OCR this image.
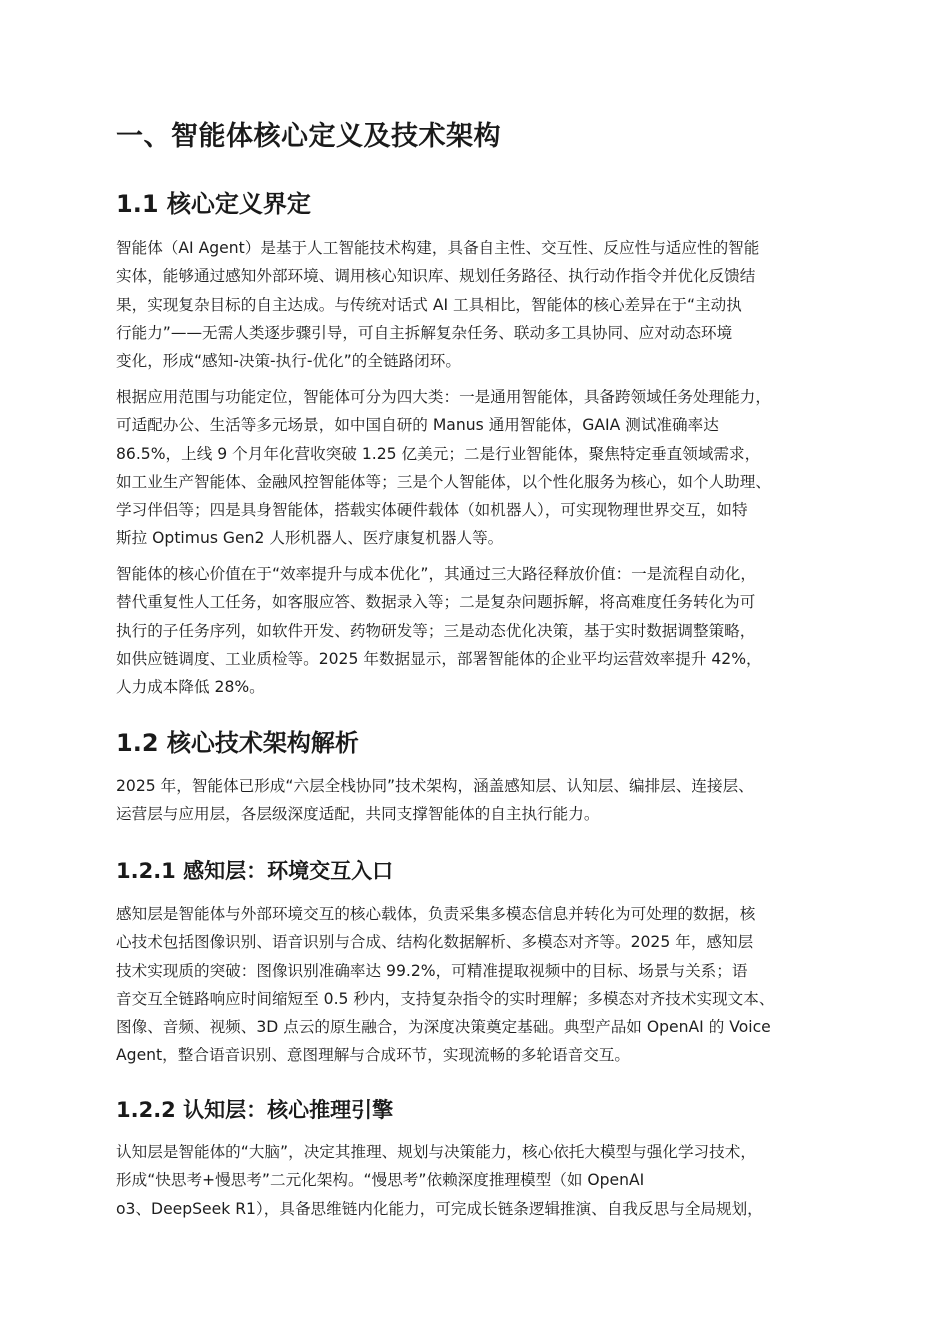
一、智能体核心定义及技术架构
1.1 核心定义界定
智能体（AI Agent）是基于人工智能技术构建，具备自主性、交互性、反应性与适应性的智能
实体，能够通过感知外部环境、调用核心知识库、规划任务路径、执行动作指令并优化反馈结
果，实现复杂目标的自主达成。与传统对话式 AI 工具相比，智能体的核心差异在于“主动执
行能力”——无需人类逐步骤引导，可自主拆解复杂任务、联动多工具协同、应对动态环境
变化，形成“感知-决策-执行-优化”的全链路闭环。
根据应用范围与功能定位，智能体可分为四大类：一是通用智能体，具备跨领域任务处理能力，
可适配办公、生活等多元场景，如中国自研的 Manus 通用智能体，GAIA 测试准确率达
86.5%，上线 9 个月年化营收突破 1.25 亿美元；二是行业智能体，聚焦特定垂直领域需求，
如工业生产智能体、金融风控智能体等；三是个人智能体，以个性化服务为核心，如个人助理、
学习伴侣等；四是具身智能体，搭载实体硬件载体（如机器人），可实现物理世界交互，如特
斯拉 Optimus Gen2 人形机器人、医疗康复机器人等。
智能体的核心价值在于“效率提升与成本优化”，其通过三大路径释放价值：一是流程自动化，
替代重复性人工任务，如客服应答、数据录入等；二是复杂问题拆解，将高难度任务转化为可
执行的子任务序列，如软件开发、药物研发等；三是动态优化决策，基于实时数据调整策略，
如供应链调度、工业质检等。2025 年数据显示，部署智能体的企业平均运营效率提升 42%，
人力成本降低 28%。
1.2 核心技术架构解析
2025 年，智能体已形成“六层全栈协同”技术架构，涵盖感知层、认知层、编排层、连接层、
运营层与应用层，各层级深度适配，共同支撑智能体的自主执行能力。
1.2.1 感知层：环境交互入口
感知层是智能体与外部环境交互的核心载体，负责采集多模态信息并转化为可处理的数据，核
心技术包括图像识别、语音识别与合成、结构化数据解析、多模态对齐等。2025 年，感知层
技术实现质的突破：图像识别准确率达 99.2%，可精准提取视频中的目标、场景与关系；语
音交互全链路响应时间缩短至 0.5 秒内，支持复杂指令的实时理解；多模态对齐技术实现文本、
图像、音频、视频、3D 点云的原生融合，为深度决策奠定基础。典型产品如 OpenAI 的 Voice
Agent，整合语音识别、意图理解与合成环节，实现流畅的多轮语音交互。
1.2.2 认知层：核心推理引擎
认知层是智能体的“大脑”，决定其推理、规划与决策能力，核心依托大模型与强化学习技术，
形成“快思考+慢思考”二元化架构。“慢思考”依赖深度推理模型（如 OpenAI
o3、DeepSeek R1），具备思维链内化能力，可完成长链条逻辑推演、自我反思与全局规划，
